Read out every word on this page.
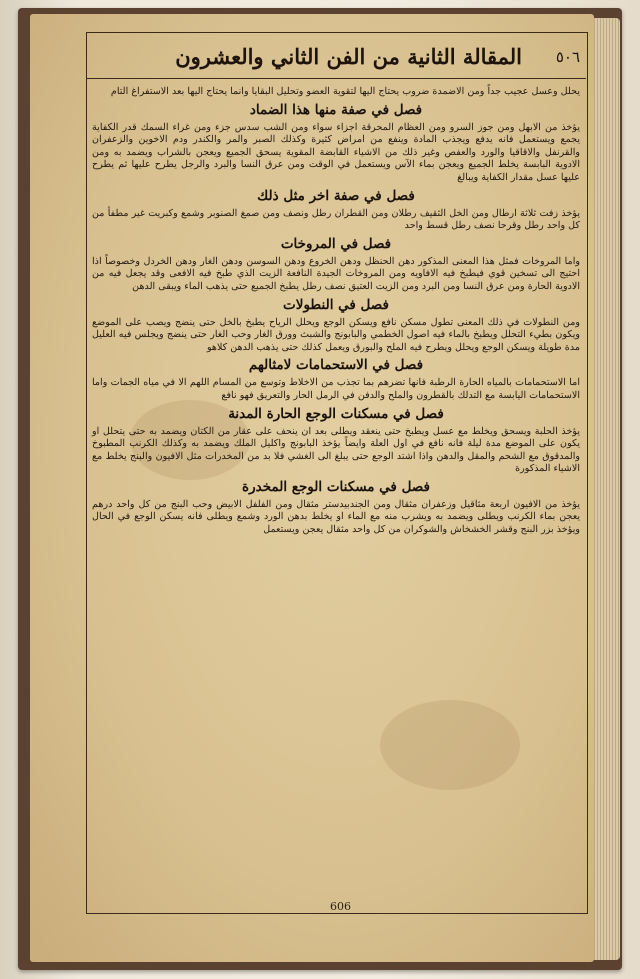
المقالة الثانية من الفن الثاني والعشرون ٥٠٦

يحلل وعسل عجيب جداً ومن الاضمدة ضروب يحتاج اليها لتقوية العضو وتحليل البقايا وانما يحتاج اليها بعد الاستفراغ التام

فصل في صفة منها هذا الضماد

يؤخذ من الابهل ومن جوز السرو ومن العظام المحرقة اجزاء سواء ومن الشب سدس جزء ومن غراء السمك قدر الكفاية يجمع ويستعمل فانه يدفع ويجذب المادة وينفع من امراض كثيرة وكذلك الصبر والمر والكندر ودم الاخوين والزعفران والقرنفل والاقاقيا والورد والعفص وغير ذلك من الاشياء القابضة المقوية يسحق الجميع ويعجن بالشراب ويضمد به ومن الادوية البابسة يخلط الجميع ويعجن بماء الآس ويستعمل في الوقت ومن عرق النسا والبرد والرجل يطرح عليها ثم يطرح عليها عسل مقدار الكفاية ويبالغ

فصل في صفة اخر مثل ذلك

يؤخذ زفت ثلاثة ارطال ومن الخل الثقيف رطلان ومن القطران رطل ونصف ومن صمغ الصنوبر وشمع وكبريت غير مطفأ من كل واحد رطل وقرحا نصف رطل قسط واحد

فصل في المروخات

واما المروخات فمثل هذا المعنى المذكور دهن الحنظل ودهن الخروع ودهن السوسن ودهن الغار ودهن الخردل وخصوصاً اذا احتيج الى تسخين قوي فيطبخ فيه الافاويه ومن المروخات الجيدة النافعة الزيت الذي طبخ فيه الافعى وقد يجعل فيه من الادوية الحارة ومن عرق النسا ومن البرد ومن الزيت العتيق نصف رطل يطبخ الجميع حتى يذهب الماء ويبقى الدهن

فصل في النطولات

ومن النطولات في ذلك المعنى تطول مسكن نافع ويسكن الوجع ويحلل الرياح يطبخ بالخل حتى ينضج ويصب على الموضع ويكون بطيء التحلل ويطبخ بالماء فيه اصول الخطمي والبابونج والشبث وورق الغار وحب الغار حتى ينضج ويجلس فيه العليل مدة طويلة ويسكن الوجع ويحلل ويطرح فيه الملح والبورق ويعمل كذلك حتى يذهب الدهن كلاهو

فصل في الاستحمامات لامثالهم

اما الاستحمامات بالمياه الحارة الرطبة فانها تضرهم بما تجذب من الاخلاط وتوسع من المسام اللهم الا في مياه الجمات واما الاستحمامات اليابسة مع التدلك بالقطرون والملح والدفن في الرمل الحار والتعريق فهو نافع

فصل في مسكنات الوجع الحارة المدنة

يؤخذ الحلبة ويسحق ويخلط مع عسل ويطبخ حتى ينعقد ويطلى بعد ان ينحف على عقار من الكتان ويضمد به حتى يتحلل او يكون على الموضع مدة ليلة فانه نافع في اول العلة وايضاً يؤخذ البابونج واكليل الملك ويضمد به وكذلك الكرنب المطبوخ والمدقوق مع الشحم والمقل والدهن واذا اشتد الوجع حتى يبلغ الى الغشي فلا بد من المخدرات مثل الافيون والبنج يخلط مع الاشياء المذكورة

فصل في مسكنات الوجع المخدرة

يؤخذ من الافيون اربعة مثاقيل وزعفران مثقال ومن الجندبيدستر مثقال ومن الفلفل الابيض وحب البنج من كل واحد درهم يعجن بماء الكرنب ويطلى ويضمد به ويشرب منه مع الماء او يخلط بدهن الورد وشمع ويطلى فانه يسكن الوجع في الحال ويؤخذ بزر البنج وقشر الخشخاش والشوكران من كل واحد مثقال يعجن ويستعمل

606
